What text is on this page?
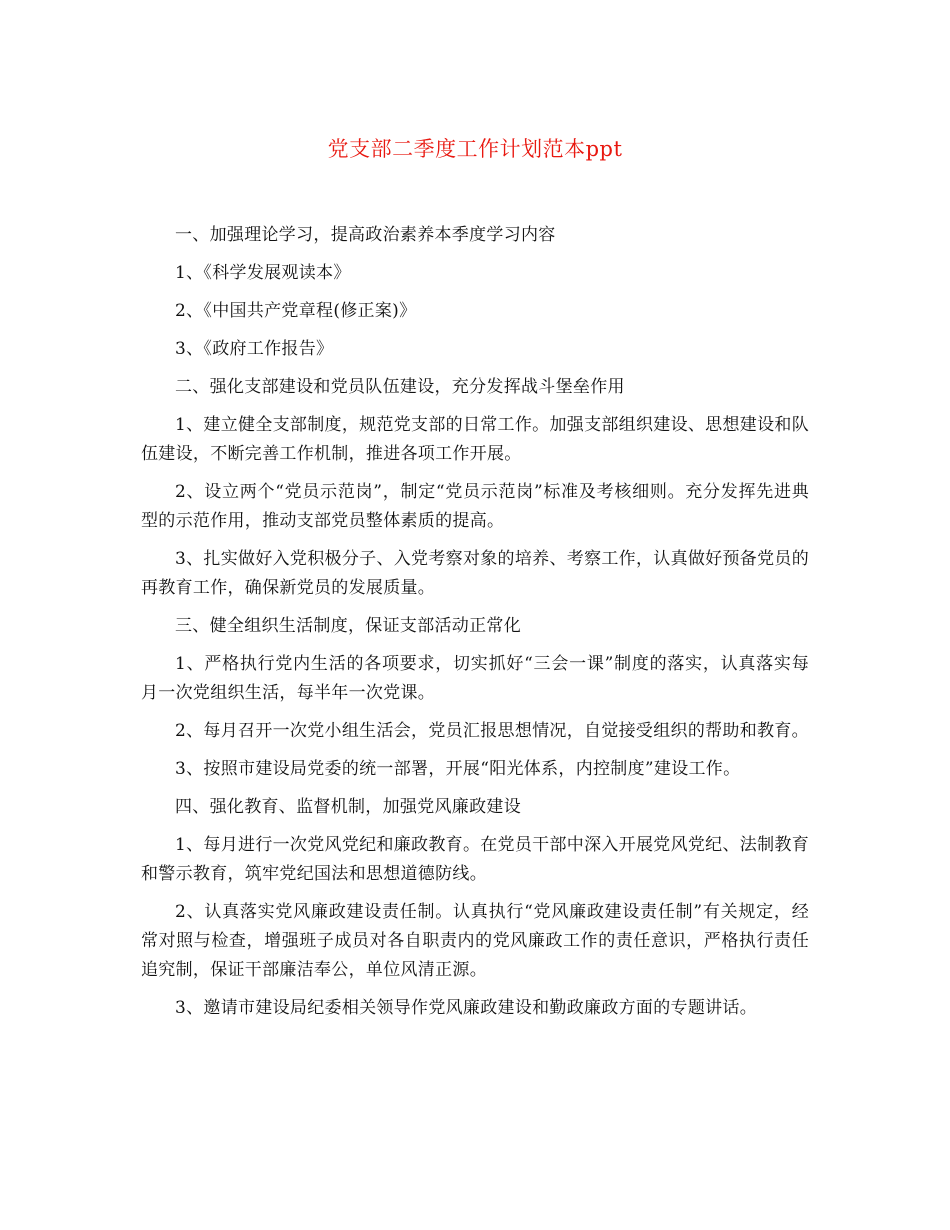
党支部二季度工作计划范本ppt

一、加强理论学习，提高政治素养本季度学习内容

1、《科学发展观读本》

2、《中国共产党章程(修正案)》

3、《政府工作报告》

二、强化支部建设和党员队伍建设，充分发挥战斗堡垒作用

1、建立健全支部制度，规范党支部的日常工作。加强支部组织建设、思想建设和队伍建设，不断完善工作机制，推进各项工作开展。

2、设立两个“党员示范岗”，制定“党员示范岗”标准及考核细则。充分发挥先进典型的示范作用，推动支部党员整体素质的提高。

3、扎实做好入党积极分子、入党考察对象的培养、考察工作，认真做好预备党员的再教育工作，确保新党员的发展质量。

三、健全组织生活制度，保证支部活动正常化

1、严格执行党内生活的各项要求，切实抓好“三会一课”制度的落实，认真落实每月一次党组织生活，每半年一次党课。

2、每月召开一次党小组生活会，党员汇报思想情况，自觉接受组织的帮助和教育。

3、按照市建设局党委的统一部署，开展“阳光体系，内控制度”建设工作。

四、强化教育、监督机制，加强党风廉政建设

1、每月进行一次党风党纪和廉政教育。在党员干部中深入开展党风党纪、法制教育和警示教育，筑牢党纪国法和思想道德防线。

2、认真落实党风廉政建设责任制。认真执行“党风廉政建设责任制”有关规定，经常对照与检查，增强班子成员对各自职责内的党风廉政工作的责任意识，严格执行责任追究制，保证干部廉洁奉公，单位风清正源。

3、邀请市建设局纪委相关领导作党风廉政建设和勤政廉政方面的专题讲话。
